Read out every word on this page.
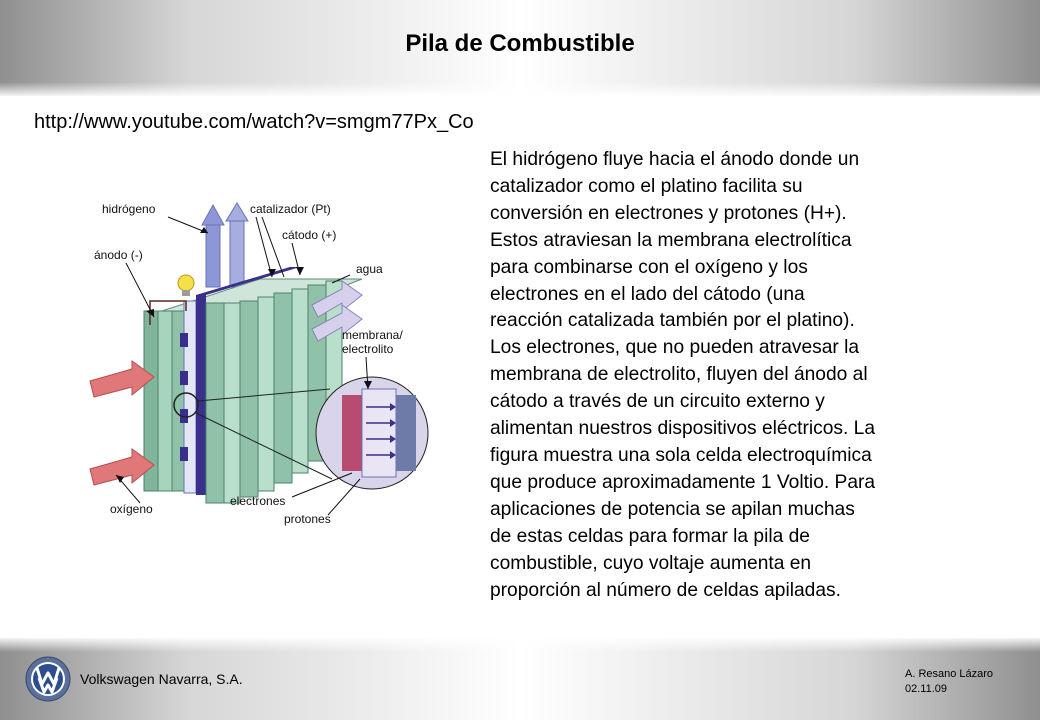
Pila de Combustible
http://www.youtube.com/watch?v=smgm77Px_Co
El hidrógeno fluye hacia el ánodo donde un
catalizador como el platino facilita su
conversión en electrones y protones (H+).
Estos atraviesan la membrana electrolítica
para combinarse con el oxígeno y los
electrones en el lado del cátodo (una
reacción catalizada también por el platino).
Los electrones, que no pueden atravesar la
membrana de electrolito, fluyen del ánodo al
cátodo a través de un circuito externo y
alimentan nuestros dispositivos eléctricos. La
figura muestra una sola celda electroquímica
que produce aproximadamente 1 Voltio. Para
aplicaciones de potencia se apilan muchas
de estas celdas para formar la pila de
combustible, cuyo voltaje aumenta en
proporción al número de celdas apiladas.
hidrógeno	catalizador (Pt)
cátodo (+)
ánodo (-)
agua
membrana/
electrolito
electrones
oxígeno
protones
Volkswagen Navarra, S.A.	A. Resano Lázaro
02.11.09
